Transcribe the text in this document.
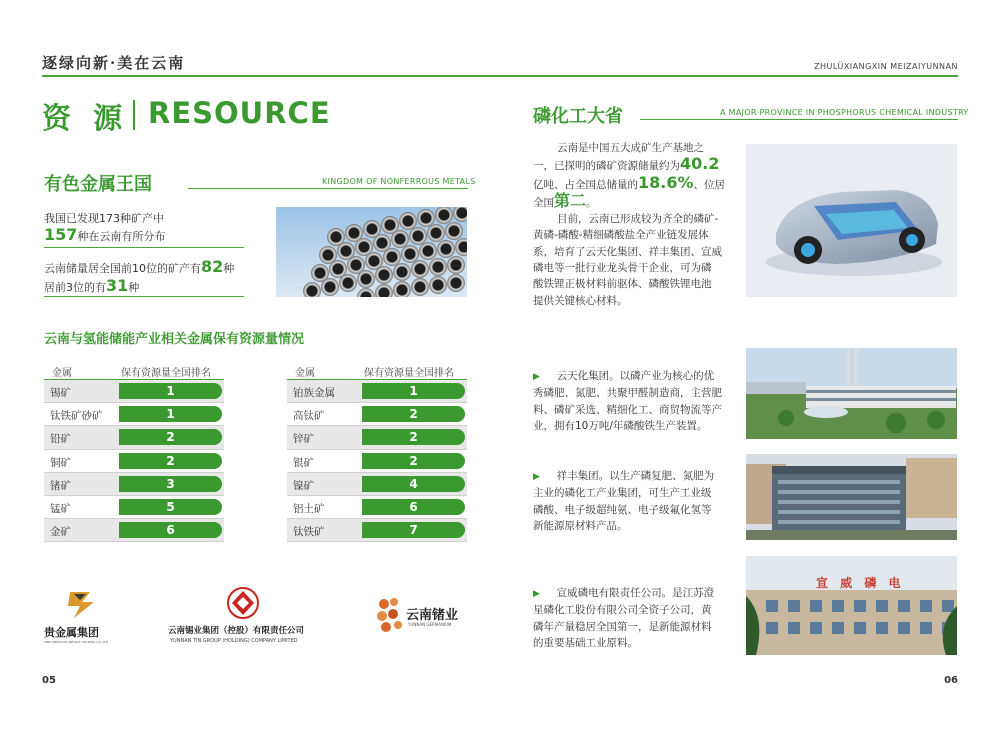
逐绿向新·美在云南	ZHULÜXIANGXIN MEIZAIYUNNAN
资 源 RESOURCE
有色金属王国	KINGDOM OF NONFERROUS METALS
我国已发现173种矿产中
157种在云南有所分布
云南储量居全国前10位的矿产有82种
居前3位的有31种
云南与氢能储能产业相关金属保有资源量情况
金属	保有资源量全国排名
锡矿	1
钛铁矿砂矿	1
铅矿	2
铜矿	2
锗矿	3
锰矿	5
金矿	6
金属	保有资源量全国排名
铂族金属	1
高钛矿	2
锌矿	2
银矿	2
镍矿	4
铝土矿	6
钛铁矿	7
贵金属集团
SINO-PRECIOUS METALS HOLDING CO.,LTD.
云南锡业集团（控股）有限责任公司
YUNNAN TIN GROUP (HOLDING) COMPANY LIMITED
云南锗业
YUNNAN GERMANIUM
05
磷化工大省	A MAJOR PROVINCE IN PHOSPHORUS CHEMICAL INDUSTRY
云南是中国五大成矿生产基地之
一，已探明的磷矿资源储量约为40.2
亿吨、占全国总储量的18.6%、位居
全国第二。
目前，云南已形成较为齐全的磷矿-
黄磷-磷酸-精细磷酸盐全产业链发展体
系，培育了云天化集团、祥丰集团、宣威
磷电等一批行业龙头骨干企业，可为磷
酸铁锂正极材料前驱体、磷酸铁锂电池
提供关键核心材料。
▶ 云天化集团。以磷产业为核心的优
秀磷肥、氮肥、共聚甲醛制造商，主营肥
料、磷矿采选、精细化工、商贸物流等产
业，拥有10万吨/年磷酸铁生产装置。
▶ 祥丰集团。以生产磷复肥、氮肥为
主业的磷化工产业集团，可生产工业级
磷酸、电子级超纯氨、电子级氟化氢等
新能源原材料产品。
▶ 宣威磷电有限责任公司。是江苏澄
星磷化工股份有限公司全资子公司，黄
磷年产量稳居全国第一，是新能源材料
的重要基础工业原料。
宣 威 磷 电
06
